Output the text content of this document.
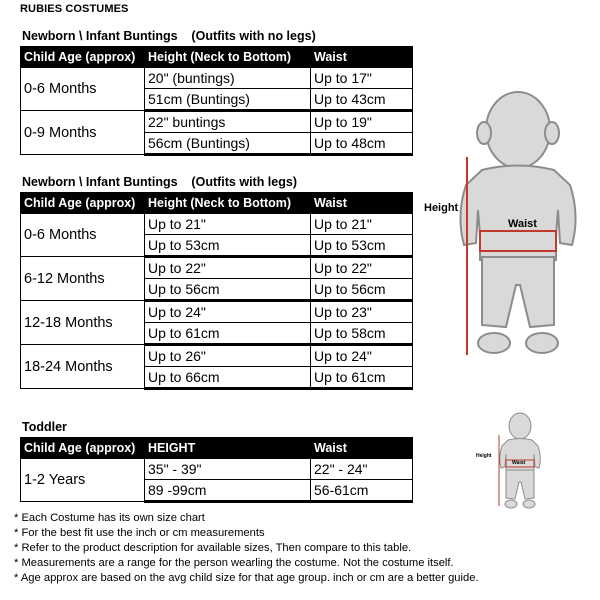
RUBIES COSTUMES
Newborn \ Infant Buntings    (Outfits with no legs)
Child Age (approx)	Height (Neck to Bottom)	Waist
0-6 Months	20" (buntings)	Up to 17"
	51cm (Buntings)	Up to 43cm
0-9 Months	22" buntings	Up to 19"
	56cm (Buntings)	Up to 48cm
Newborn \ Infant Buntings    (Outfits with legs)
Child Age (approx)	Height (Neck to Bottom)	Waist
0-6 Months	Up to 21"	Up to 21"
	Up to 53cm	Up to 53cm
6-12 Months	Up to 22"	Up to 22"
	Up to 56cm	Up to 56cm
12-18 Months	Up to 24"	Up to 23"
	Up to 61cm	Up to 58cm
18-24 Months	Up to 26"	Up to 24"
	Up to 66cm	Up to 61cm
Toddler
Child Age (approx)	HEIGHT	Waist
1-2 Years	35" - 39"	22" - 24"
	89 -99cm	56-61cm
Height
Waist
Height
Waist
* Each Costume has its own size chart
* For the best fit use the inch or cm measurements
* Refer to the product description for available sizes, Then compare to this table.
* Measurements are a range for the person wearling the costume. Not the costume itself.
* Age approx are based on the avg child size for that age group. inch or cm are a better guide.
